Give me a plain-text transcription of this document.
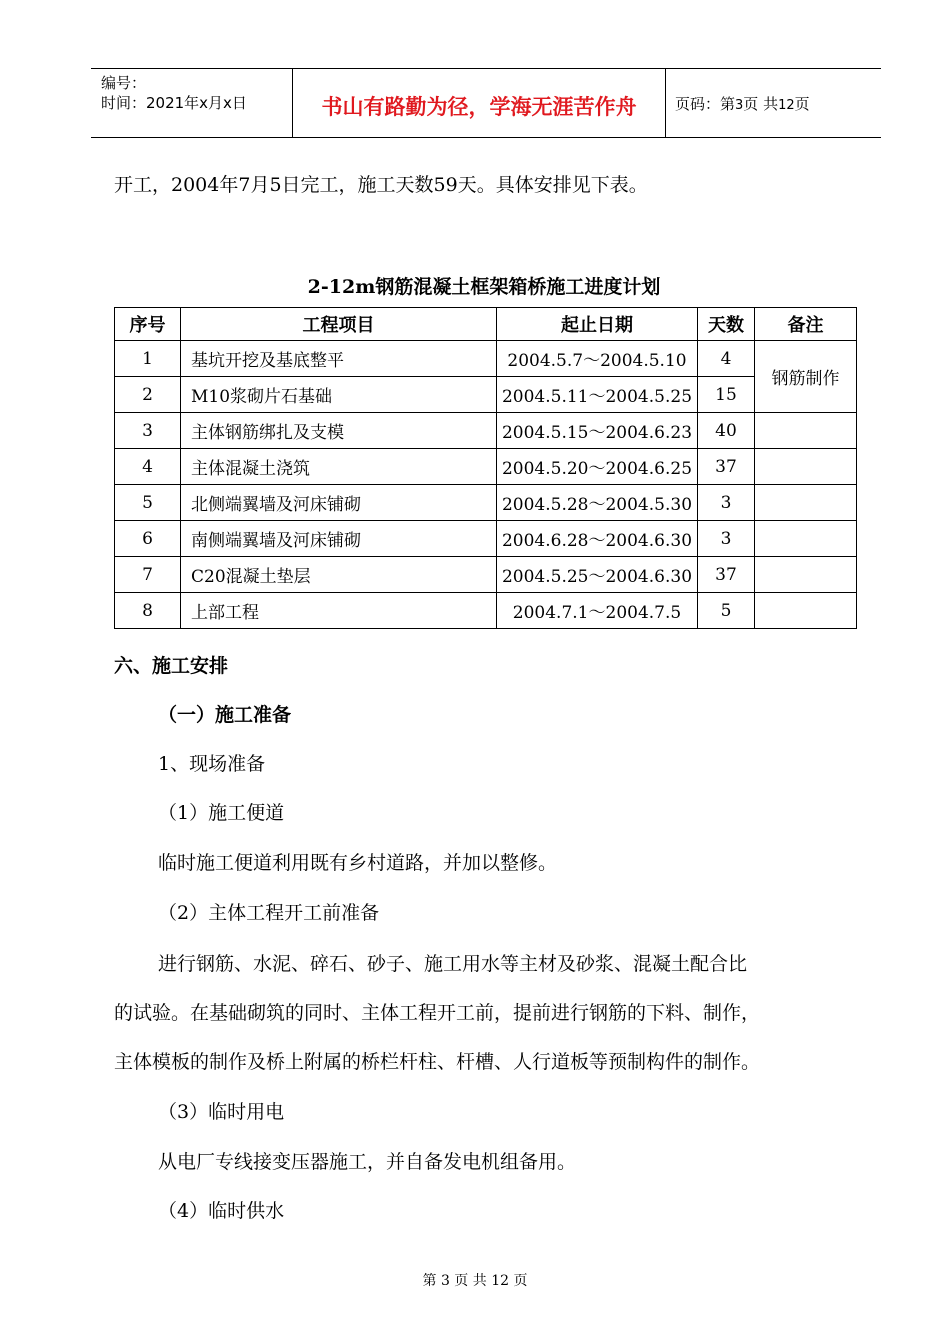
编号：
时间：2021年x月x日	书山有路勤为径，学海无涯苦作舟	页码：第3页 共12页

开工，2004年7月5日完工，施工天数59天。具体安排见下表。

2-12m钢筋混凝土框架箱桥施工进度计划
序号	工程项目	起止日期	天数	备注
1	基坑开挖及基底整平	2004.5.7～2004.5.10	4	钢筋制作
2	M10浆砌片石基础	2004.5.11～2004.5.25	15	
3	主体钢筋绑扎及支模	2004.5.15～2004.6.23	40	
4	主体混凝土浇筑	2004.5.20～2004.6.25	37	
5	北侧端翼墙及河床铺砌	2004.5.28～2004.5.30	3	
6	南侧端翼墙及河床铺砌	2004.6.28～2004.6.30	3	
7	C20混凝土垫层	2004.5.25～2004.6.30	37	
8	上部工程	2004.7.1～2004.7.5	5	

六、施工安排

（一）施工准备

1、现场准备

（1）施工便道

临时施工便道利用既有乡村道路，并加以整修。

（2）主体工程开工前准备

进行钢筋、水泥、碎石、砂子、施工用水等主材及砂浆、混凝土配合比

的试验。在基础砌筑的同时、主体工程开工前，提前进行钢筋的下料、制作，

主体模板的制作及桥上附属的桥栏杆柱、杆槽、人行道板等预制构件的制作。

（3）临时用电

从电厂专线接变压器施工，并自备发电机组备用。

（4）临时供水

第 3 页 共 12 页
